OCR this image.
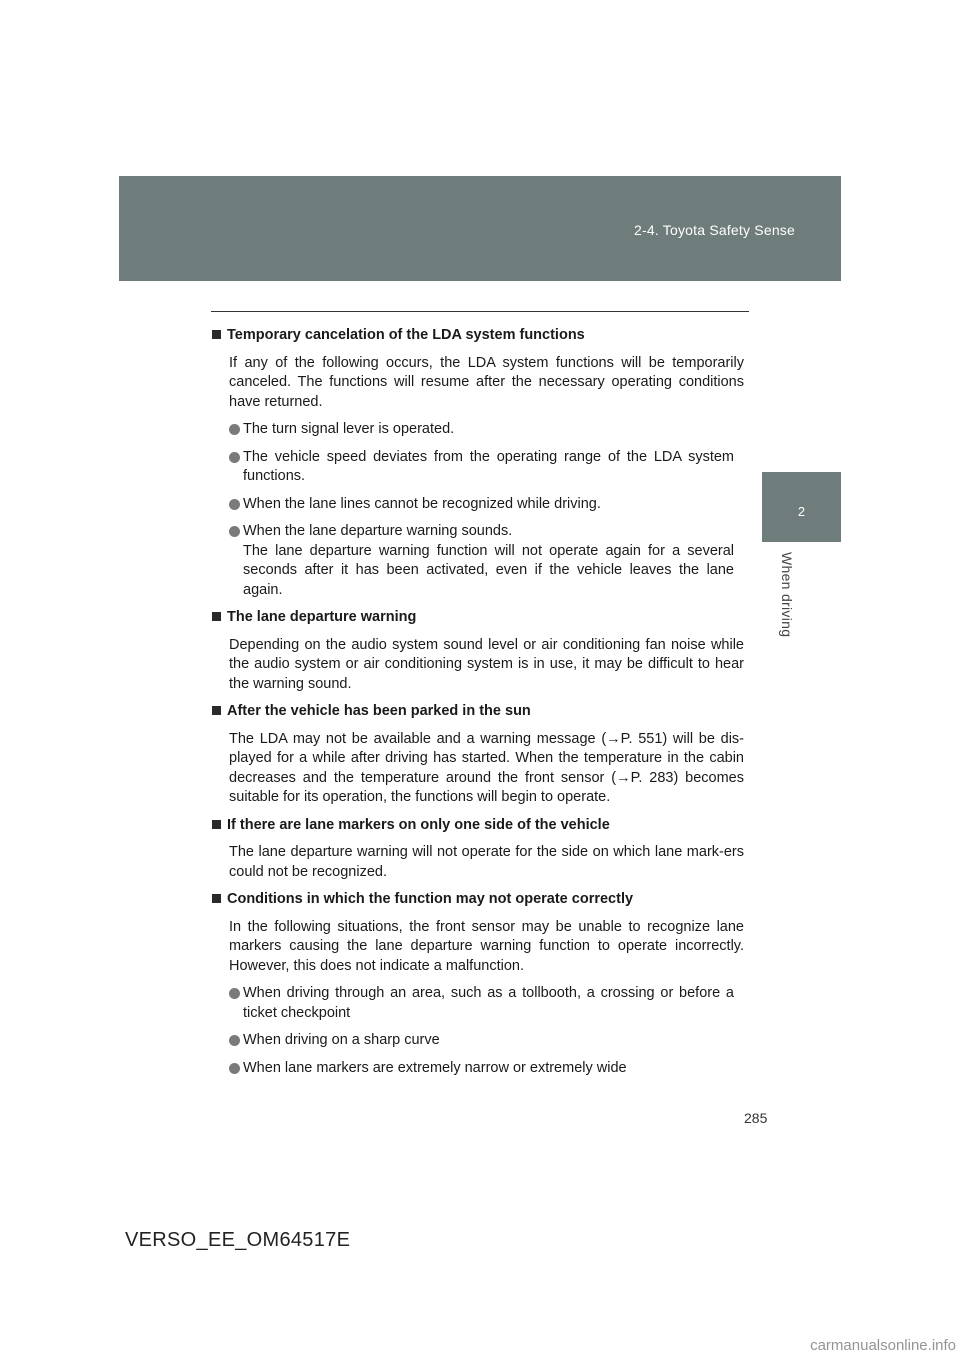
2-4. Toyota Safety Sense
2
When driving
Temporary cancelation of the LDA system functions
If any of the following occurs, the LDA system functions will be temporarily canceled. The functions will resume after the necessary operating conditions have returned.
The turn signal lever is operated.
The vehicle speed deviates from the operating range of the LDA system functions.
When the lane lines cannot be recognized while driving.
When the lane departure warning sounds.
The lane departure warning function will not operate again for a several seconds after it has been activated, even if the vehicle leaves the lane again.
The lane departure warning
Depending on the audio system sound level or air conditioning fan noise while the audio system or air conditioning system is in use, it may be difficult to hear the warning sound.
After the vehicle has been parked in the sun
The LDA may not be available and a warning message (→P. 551) will be dis-played for a while after driving has started. When the temperature in the cabin decreases and the temperature around the front sensor (→P. 283) becomes suitable for its operation, the functions will begin to operate.
If there are lane markers on only one side of the vehicle
The lane departure warning will not operate for the side on which lane mark-ers could not be recognized.
Conditions in which the function may not operate correctly
In the following situations, the front sensor may be unable to recognize lane markers causing the lane departure warning function to operate incorrectly. However, this does not indicate a malfunction.
When driving through an area, such as a tollbooth, a crossing or before a ticket checkpoint
When driving on a sharp curve
When lane markers are extremely narrow or extremely wide
285
VERSO_EE_OM64517E
carmanualsonline.info
